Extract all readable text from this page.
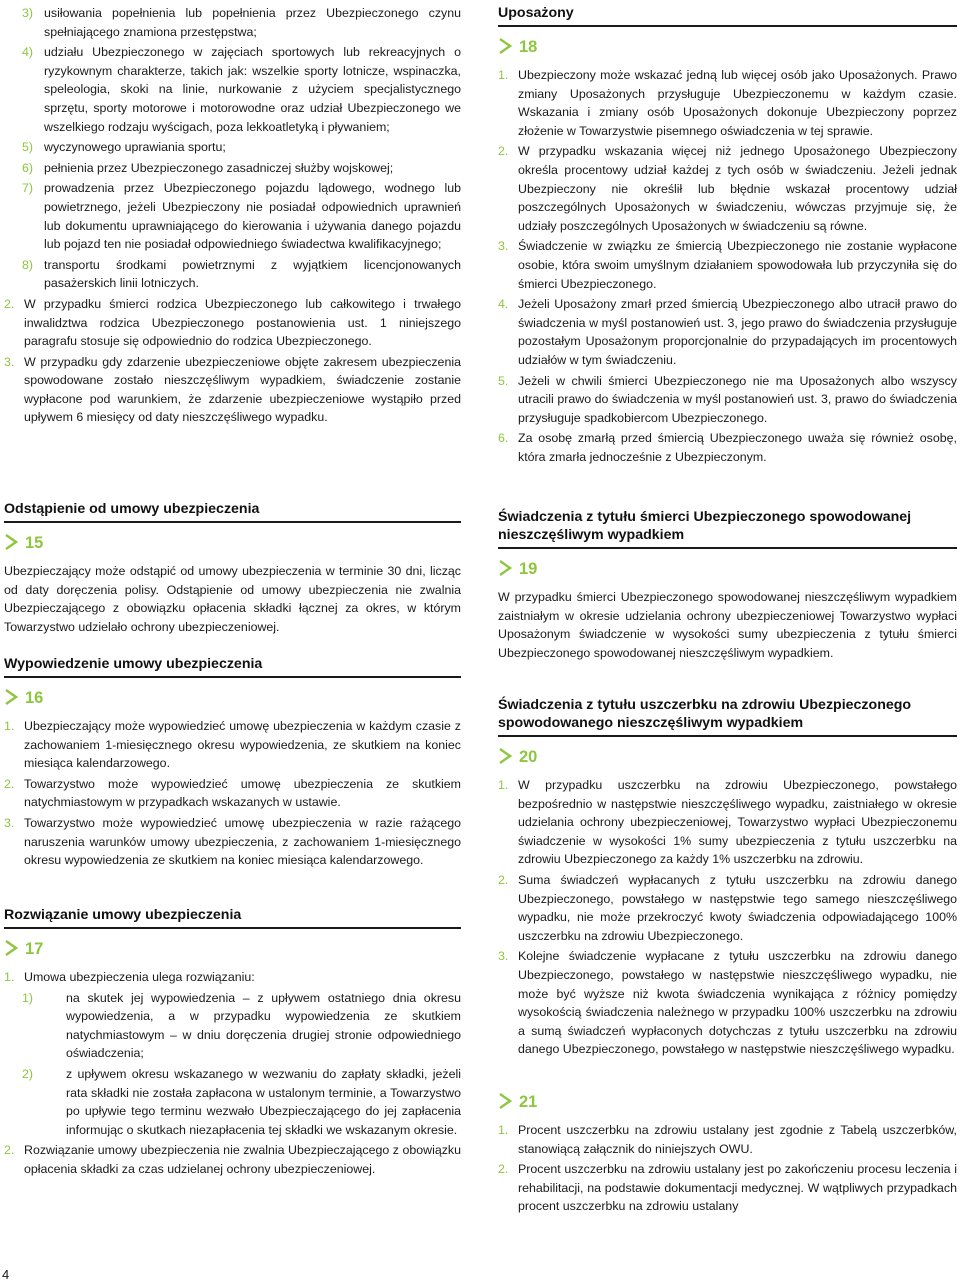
3) usiłowania popełnienia lub popełnienia przez Ubezpieczonego czynu spełniającego znamiona przestępstwa;
4) udziału Ubezpieczonego w zajęciach sportowych lub rekreacyjnych o ryzykownym charakterze, takich jak: wszelkie sporty lotnicze, wspinaczka, speleologia, skoki na linie, nurkowanie z użyciem specjalistycznego sprzętu, sporty motorowe i motorowodne oraz udział Ubezpieczonego we wszelkiego rodzaju wyścigach, poza lekkoatletyką i pływaniem;
5) wyczynowego uprawiania sportu;
6) pełnienia przez Ubezpieczonego zasadniczej służby wojskowej;
7) prowadzenia przez Ubezpieczonego pojazdu lądowego, wodnego lub powietrznego, jeżeli Ubezpieczony nie posiadał odpowiednich uprawnień lub dokumentu uprawniającego do kierowania i używania danego pojazdu lub pojazd ten nie posiadał odpowiedniego świadectwa kwalifikacyjnego;
8) transportu środkami powietrznymi z wyjątkiem licencjonowanych pasażerskich linii lotniczych.
2. W przypadku śmierci rodzica Ubezpieczonego lub całkowitego i trwałego inwalidztwa rodzica Ubezpieczonego postanowienia ust. 1 niniejszego paragrafu stosuje się odpowiednio do rodzica Ubezpieczonego.
3. W przypadku gdy zdarzenie ubezpieczeniowe objęte zakresem ubezpieczenia spowodowane zostało nieszczęśliwym wypadkiem, świadczenie zostanie wypłacone pod warunkiem, że zdarzenie ubezpieczeniowe wystąpiło przed upływem 6 miesięcy od daty nieszczęśliwego wypadku.
Odstąpienie od umowy ubezpieczenia
15

Ubezpieczający może odstąpić od umowy ubezpieczenia w terminie 30 dni, licząc od daty doręczenia polisy. Odstąpienie od umowy ubezpieczenia nie zwalnia Ubezpieczającego z obowiązku opłacenia składki łącznej za okres, w którym Towarzystwo udzielało ochrony ubezpieczeniowej.

Wypowiedzenie umowy ubezpieczenia
16
1. Ubezpieczający może wypowiedzieć umowę ubezpieczenia w każdym czasie z zachowaniem 1-miesięcznego okresu wypowiedzenia, ze skutkiem na koniec miesiąca kalendarzowego.
2. Towarzystwo może wypowiedzieć umowę ubezpieczenia ze skutkiem natychmiastowym w przypadkach wskazanych w ustawie.
3. Towarzystwo może wypowiedzieć umowę ubezpieczenia w razie rażącego naruszenia warunków umowy ubezpieczenia, z zachowaniem 1-miesięcznego okresu wypowiedzenia ze skutkiem na koniec miesiąca kalendarzowego.
Rozwiązanie umowy ubezpieczenia
17
1. Umowa ubezpieczenia ulega rozwiązaniu:
1)	na skutek jej wypowiedzenia – z upływem ostatniego dnia okresu wypowiedzenia, a w przypadku wypowiedzenia ze skutkiem natychmiastowym – w dniu doręczenia drugiej stronie odpowiedniego oświadczenia;
2)	z upływem okresu wskazanego w wezwaniu do zapłaty składki, jeżeli rata składki nie została zapłacona w ustalonym terminie, a Towarzystwo po upływie tego terminu wezwało Ubezpieczającego do jej zapłacenia informując o skutkach niezapłacenia tej składki we wskazanym okresie.
2. Rozwiązanie umowy ubezpieczenia nie zwalnia Ubezpieczającego z obowiązku opłacenia składki za czas udzielanej ochrony ubezpieczeniowej.
Uposażony
18
1. Ubezpieczony może wskazać jedną lub więcej osób jako Uposażonych. Prawo zmiany Uposażonych przysługuje Ubezpieczonemu w każdym czasie. Wskazania i zmiany osób Uposażonych dokonuje Ubezpieczony poprzez złożenie w Towarzystwie pisemnego oświadczenia w tej sprawie.
2. W przypadku wskazania więcej niż jednego Uposażonego Ubezpieczony określa procentowy udział każdej z tych osób w świadczeniu. Jeżeli jednak Ubezpieczony nie określił lub błędnie wskazał procentowy udział poszczególnych Uposażonych w świadczeniu, wówczas przyjmuje się, że udziały poszczególnych Uposażonych w świadczeniu są równe.
3. Świadczenie w związku ze śmiercią Ubezpieczonego nie zostanie wypłacone osobie, która swoim umyślnym działaniem spowodowała lub przyczyniła się do śmierci Ubezpieczonego.
4. Jeżeli Uposażony zmarł przed śmiercią Ubezpieczonego albo utracił prawo do świadczenia w myśl postanowień ust. 3, jego prawo do świadczenia przysługuje pozostałym Uposażonym proporcjonalnie do przypadających im procentowych udziałów w tym świadczeniu.
5. Jeżeli w chwili śmierci Ubezpieczonego nie ma Uposażonych albo wszyscy utracili prawo do świadczenia w myśl postanowień ust. 3, prawo do świadczenia przysługuje spadkobiercom Ubezpieczonego.
6. Za osobę zmarłą przed śmiercią Ubezpieczonego uważa się również osobę, która zmarła jednocześnie z Ubezpieczonym.
Świadczenia z tytułu śmierci Ubezpieczonego spowodowanej nieszczęśliwym wypadkiem
19

W przypadku śmierci Ubezpieczonego spowodowanej nieszczęśliwym wypadkiem zaistniałym w okresie udzielania ochrony ubezpieczeniowej Towarzystwo wypłaci Uposażonym świadczenie w wysokości sumy ubezpieczenia z tytułu śmierci Ubezpieczonego spowodowanej nieszczęśliwym wypadkiem.

Świadczenia z tytułu uszczerbku na zdrowiu Ubezpieczonego spowodowanego nieszczęśliwym wypadkiem
20
1. W przypadku uszczerbku na zdrowiu Ubezpieczonego, powstałego bezpośrednio w następstwie nieszczęśliwego wypadku, zaistniałego w okresie udzielania ochrony ubezpieczeniowej, Towarzystwo wypłaci Ubezpieczonemu świadczenie w wysokości 1% sumy ubezpieczenia z tytułu uszczerbku na zdrowiu Ubezpieczonego za każdy 1% uszczerbku na zdrowiu.
2. Suma świadczeń wypłacanych z tytułu uszczerbku na zdrowiu danego Ubezpieczonego, powstałego w następstwie tego samego nieszczęśliwego wypadku, nie może przekroczyć kwoty świadczenia odpowiadającego 100% uszczerbku na zdrowiu Ubezpieczonego.
3. Kolejne świadczenie wypłacane z tytułu uszczerbku na zdrowiu danego Ubezpieczonego, powstałego w następstwie nieszczęśliwego wypadku, nie może być wyższe niż kwota świadczenia wynikająca z różnicy pomiędzy wysokością świadczenia należnego w przypadku 100% uszczerbku na zdrowiu a sumą świadczeń wypłaconych dotychczas z tytułu uszczerbku na zdrowiu danego Ubezpieczonego, powstałego w następstwie nieszczęśliwego wypadku.
21
1. Procent uszczerbku na zdrowiu ustalany jest zgodnie z Tabelą uszczerbków, stanowiącą załącznik do niniejszych OWU.
2. Procent uszczerbku na zdrowiu ustalany jest po zakończeniu procesu leczenia i rehabilitacji, na podstawie dokumentacji medycznej. W wątpliwych przypadkach procent uszczerbku na zdrowiu ustalany
4
